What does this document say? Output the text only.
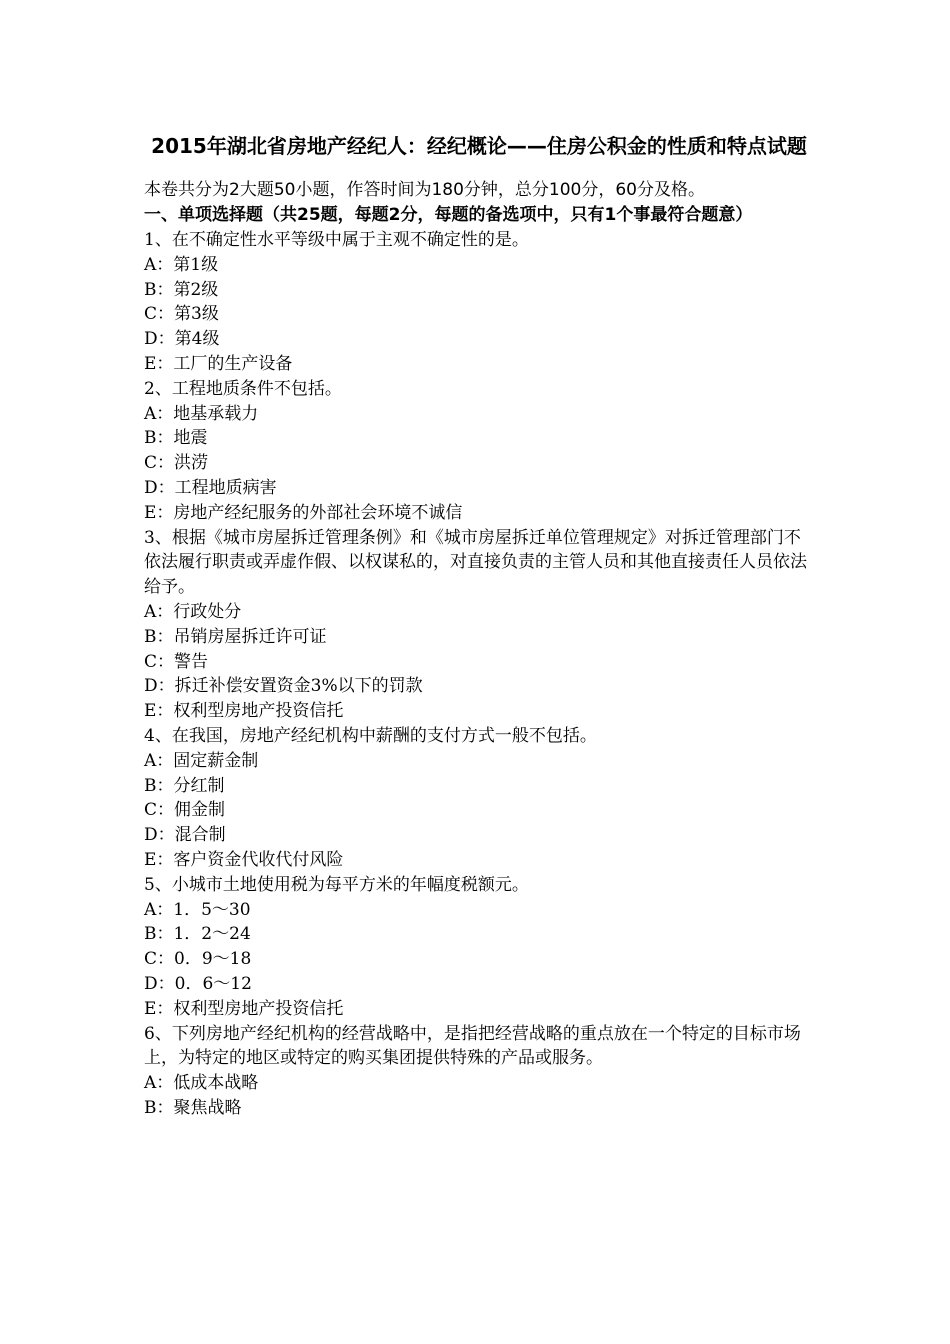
2015年湖北省房地产经纪人：经纪概论——住房公积金的性质和特点试题

本卷共分为2大题50小题，作答时间为180分钟，总分100分，60分及格。

一、单项选择题（共25题，每题2分，每题的备选项中，只有1个事最符合题意）

1、在不确定性水平等级中属于主观不确定性的是。

A：第1级

B：第2级

C：第3级

D：第4级

E：工厂的生产设备

2、工程地质条件不包括。

A：地基承载力

B：地震

C：洪涝

D：工程地质病害

E：房地产经纪服务的外部社会环境不诚信

3、根据《城市房屋拆迁管理条例》和《城市房屋拆迁单位管理规定》对拆迁管理部门不依法履行职责或弄虚作假、以权谋私的，对直接负责的主管人员和其他直接责任人员依法给予。

A：行政处分

B：吊销房屋拆迁许可证

C：警告

D：拆迁补偿安置资金3%以下的罚款

E：权利型房地产投资信托

4、在我国，房地产经纪机构中薪酬的支付方式一般不包括。

A：固定薪金制

B：分红制

C：佣金制

D：混合制

E：客户资金代收代付风险

5、小城市土地使用税为每平方米的年幅度税额元。

A：1．5～30

B：1．2～24

C：0．9～18

D：0．6～12

E：权利型房地产投资信托

6、下列房地产经纪机构的经营战略中，是指把经营战略的重点放在一个特定的目标市场上，为特定的地区或特定的购买集团提供特殊的产品或服务。

A：低成本战略

B：聚焦战略
